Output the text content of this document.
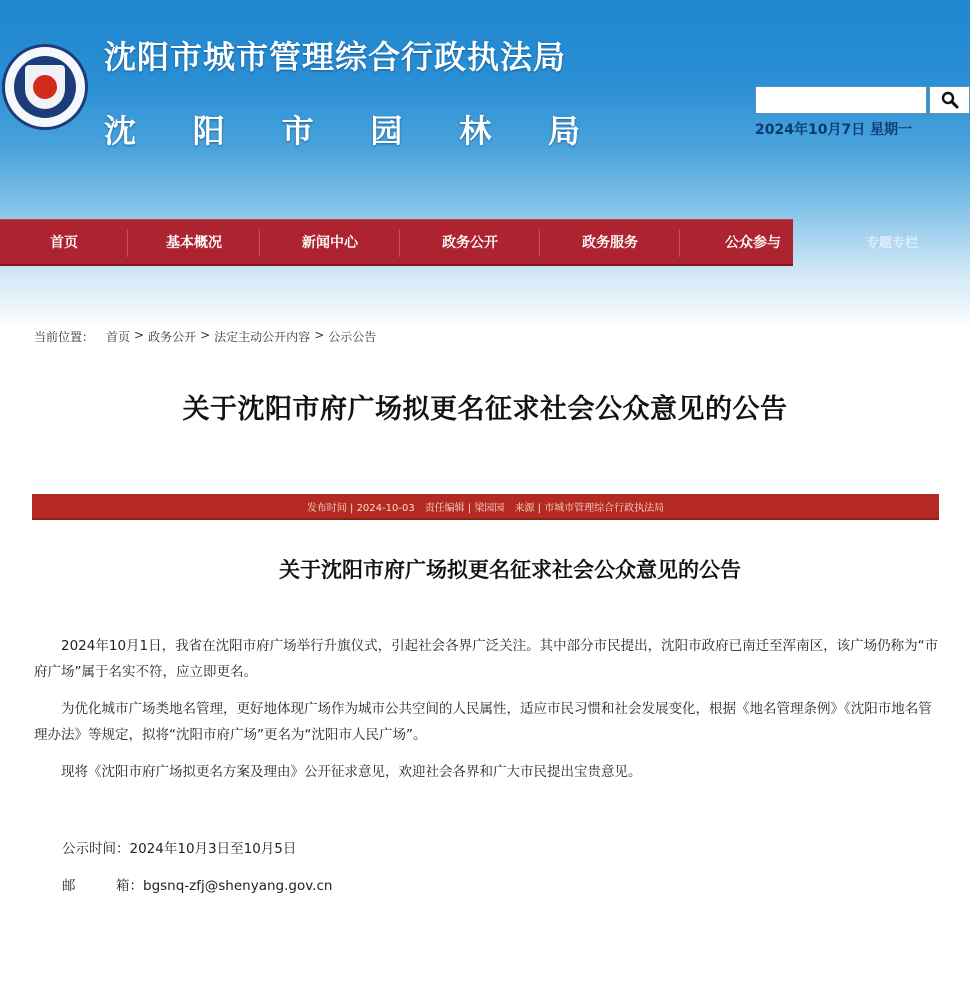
沈阳市城市管理综合行政执法局
沈 阳 市 园 林 局	2024年10月7日 星期一
首页	基本概况	新闻中心	政务公开	政务服务	公众参与	专题专栏
当前位置： 首页 > 政务公开 > 法定主动公开内容 > 公示公告
关于沈阳市府广场拟更名征求社会公众意见的公告
发布时间 | 2024-10-03 责任编辑 | 梁园园 来源 | 市城市管理综合行政执法局
关于沈阳市府广场拟更名征求社会公众意见的公告

2024年10月1日，我省在沈阳市府广场举行升旗仪式，引起社会各界广泛关注。其中部分市民提出，沈阳市政府已南迁至浑南区，该广场仍称为“市府广场”属于名实不符，应立即更名。

为优化城市广场类地名管理，更好地体现广场作为城市公共空间的人民属性，适应市民习惯和社会发展变化，根据《地名管理条例》《沈阳市地名管理办法》等规定，拟将“沈阳市府广场”更名为“沈阳市人民广场”。

现将《沈阳市府广场拟更名方案及理由》公开征求意见，欢迎社会各界和广大市民提出宝贵意见。

公示时间：2024年10月3日至10月5日
邮	箱：bgsnq-zfj@shenyang.gov.cn
